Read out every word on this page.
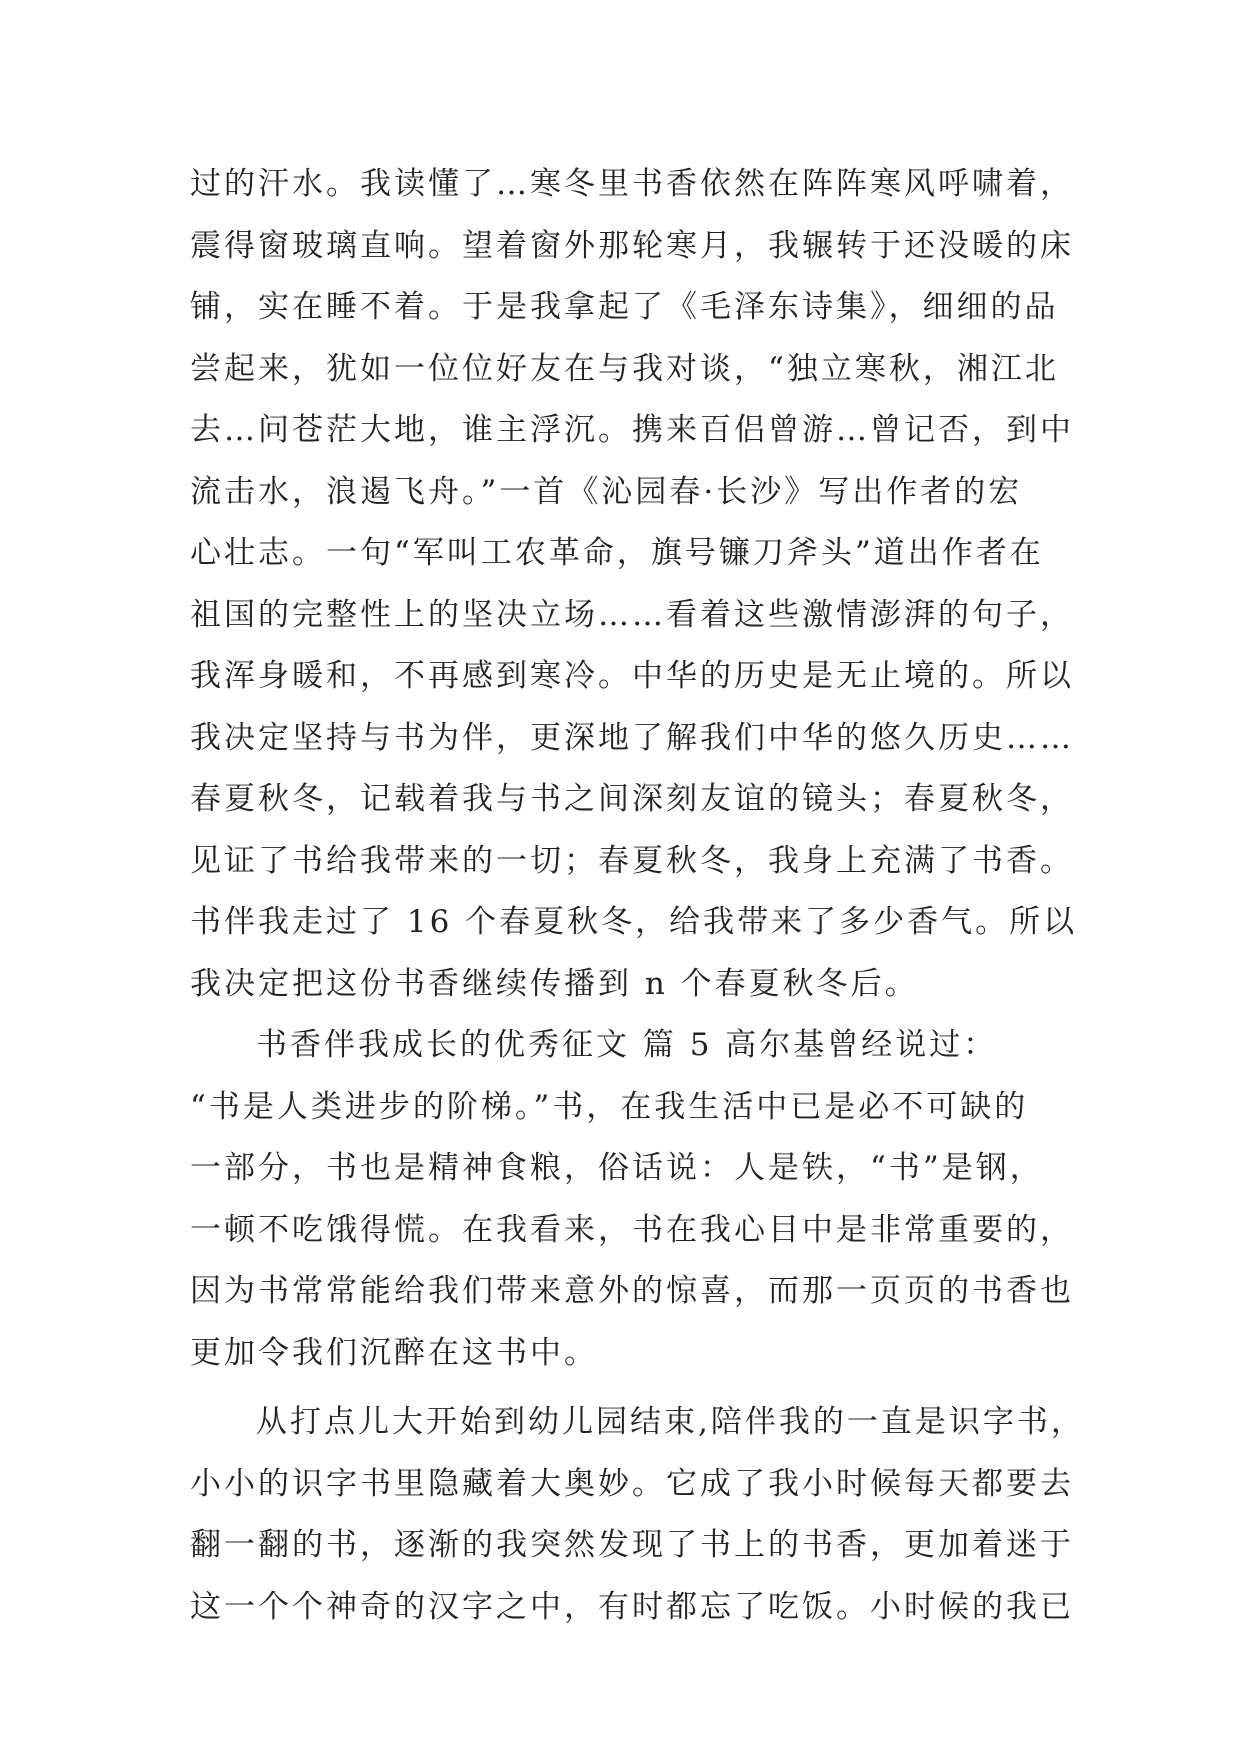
过的汗水。我读懂了…寒冬里书香依然在阵阵寒风呼啸着，
震得窗玻璃直响。望着窗外那轮寒月，我辗转于还没暖的床
铺，实在睡不着。于是我拿起了《毛泽东诗集》，细细的品
尝起来，犹如一位位好友在与我对谈，“独立寒秋，湘江北
去…问苍茫大地，谁主浮沉。携来百侣曾游…曾记否，到中
流击水，浪遏飞舟。”一首《沁园春·长沙》写出作者的宏
心壮志。一句“军叫工农革命，旗号镰刀斧头”道出作者在
祖国的完整性上的坚决立场……看着这些激情澎湃的句子，
我浑身暖和，不再感到寒冷。中华的历史是无止境的。所以
我决定坚持与书为伴，更深地了解我们中华的悠久历史……
春夏秋冬，记载着我与书之间深刻友谊的镜头；春夏秋冬，
见证了书给我带来的一切；春夏秋冬，我身上充满了书香。
书伴我走过了 16 个春夏秋冬，给我带来了多少香气。所以
我决定把这份书香继续传播到 n 个春夏秋冬后。
书香伴我成长的优秀征文 篇 5 高尔基曾经说过：
“书是人类进步的阶梯。”书，在我生活中已是必不可缺的
一部分，书也是精神食粮，俗话说：人是铁，“书”是钢，
一顿不吃饿得慌。在我看来，书在我心目中是非常重要的，
因为书常常能给我们带来意外的惊喜，而那一页页的书香也
更加令我们沉醉在这书中。
从打点儿大开始到幼儿园结束,陪伴我的一直是识字书，
小小的识字书里隐藏着大奥妙。它成了我小时候每天都要去
翻一翻的书，逐渐的我突然发现了书上的书香，更加着迷于
这一个个神奇的汉字之中，有时都忘了吃饭。小时候的我已
